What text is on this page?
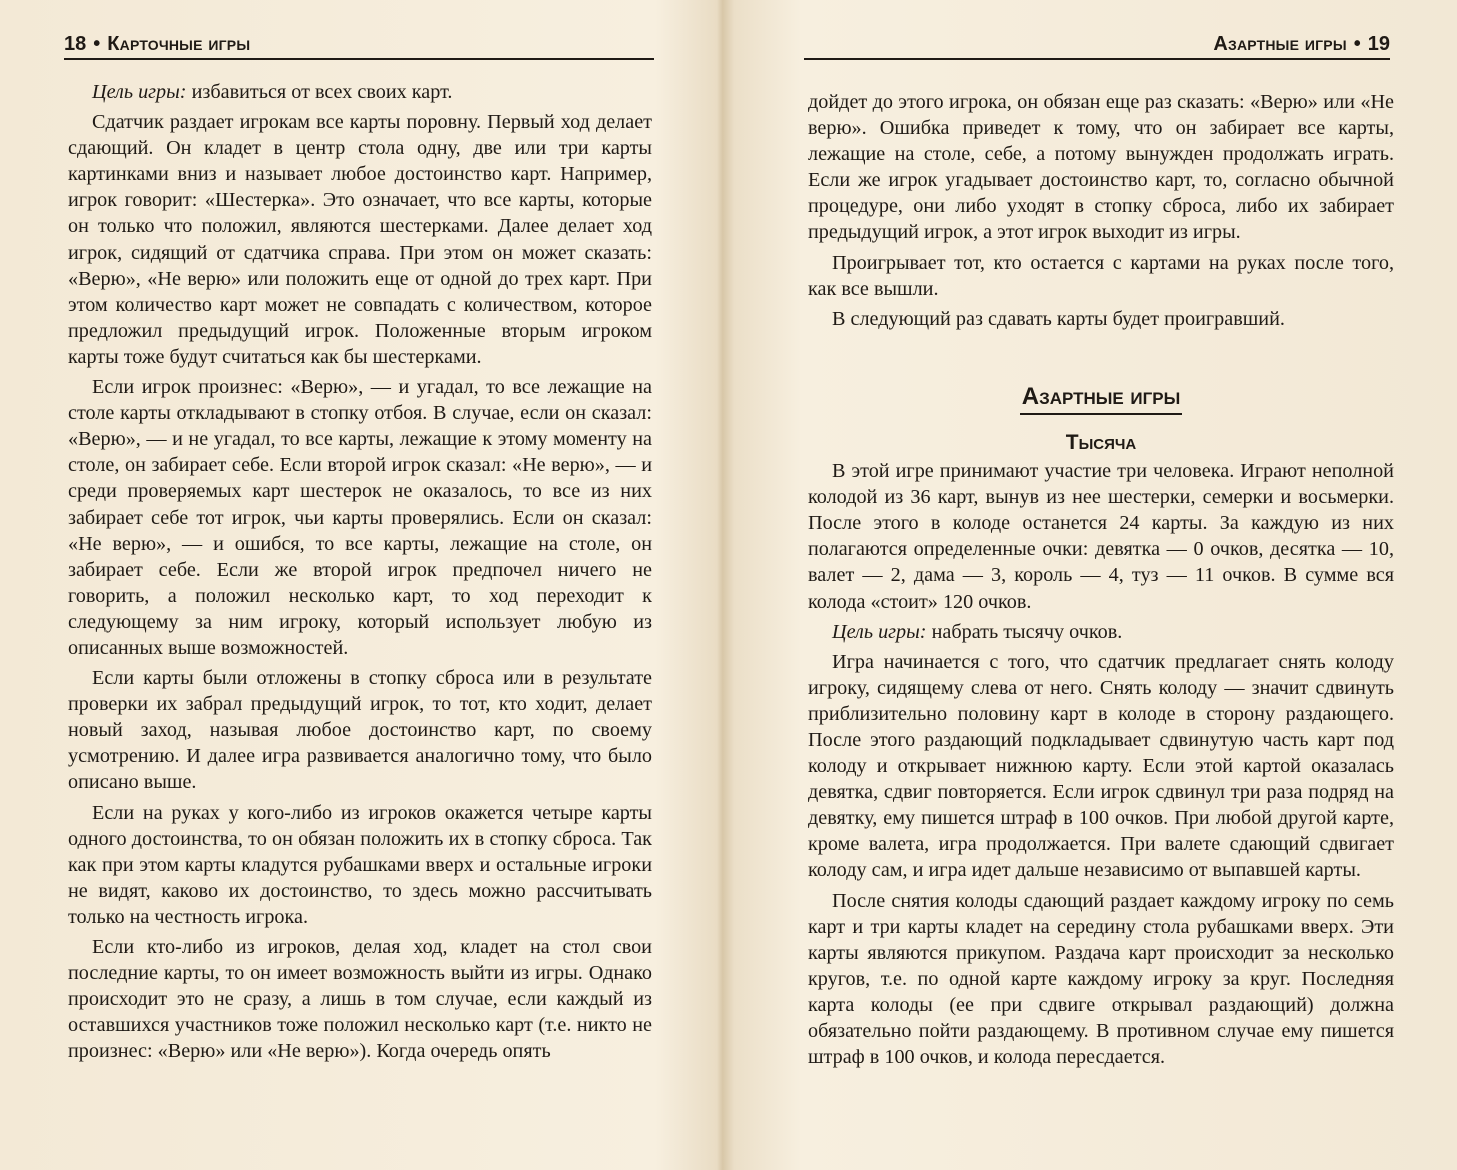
18 • Карточные игры

Цель игры: избавиться от всех своих карт.

Сдатчик раздает игрокам все карты поровну. Первый ход делает сдающий. Он кладет в центр стола одну, две или три карты картинками вниз и называет любое достоинство карт. Например, игрок говорит: «Шестерка». Это означает, что все карты, которые он только что положил, являются шестерками. Далее делает ход игрок, сидящий от сдатчика справа. При этом он может сказать: «Верю», «Не верю» или положить еще от одной до трех карт. При этом количество карт может не совпадать с количеством, которое предложил предыдущий игрок. Положенные вторым игроком карты тоже будут считаться как бы шестерками.

Если игрок произнес: «Верю», — и угадал, то все лежащие на столе карты откладывают в стопку отбоя. В случае, если он сказал: «Верю», — и не угадал, то все карты, лежащие к этому моменту на столе, он забирает себе. Если второй игрок сказал: «Не верю», — и среди проверяемых карт шестерок не оказалось, то все из них забирает себе тот игрок, чьи карты проверялись. Если он сказал: «Не верю», — и ошибся, то все карты, лежащие на столе, он забирает себе. Если же второй игрок предпочел ничего не говорить, а положил несколько карт, то ход переходит к следующему за ним игроку, который использует любую из описанных выше возможностей.

Если карты были отложены в стопку сброса или в результате проверки их забрал предыдущий игрок, то тот, кто ходит, делает новый заход, называя любое достоинство карт, по своему усмотрению. И далее игра развивается аналогично тому, что было описано выше.

Если на руках у кого-либо из игроков окажется четыре карты одного достоинства, то он обязан положить их в стопку сброса. Так как при этом карты кладутся рубашками вверх и остальные игроки не видят, каково их достоинство, то здесь можно рассчитывать только на честность игрока.

Если кто-либо из игроков, делая ход, кладет на стол свои последние карты, то он имеет возможность выйти из игры. Однако происходит это не сразу, а лишь в том случае, если каждый из оставшихся участников тоже положил несколько карт (т.е. никто не произнес: «Верю» или «Не верю»). Когда очередь опять

Азартные игры • 19

дойдет до этого игрока, он обязан еще раз сказать: «Верю» или «Не верю». Ошибка приведет к тому, что он забирает все карты, лежащие на столе, себе, а потому вынужден продолжать играть. Если же игрок угадывает достоинство карт, то, согласно обычной процедуре, они либо уходят в стопку сброса, либо их забирает предыдущий игрок, а этот игрок выходит из игры.

Проигрывает тот, кто остается с картами на руках после того, как все вышли.

В следующий раз сдавать карты будет проигравший.

Азартные игры
Тысяча

В этой игре принимают участие три человека. Играют неполной колодой из 36 карт, вынув из нее шестерки, семерки и восьмерки. После этого в колоде останется 24 карты. За каждую из них полагаются определенные очки: девятка — 0 очков, десятка — 10, валет — 2, дама — 3, король — 4, туз — 11 очков. В сумме вся колода «стоит» 120 очков.

Цель игры: набрать тысячу очков.

Игра начинается с того, что сдатчик предлагает снять колоду игроку, сидящему слева от него. Снять колоду — значит сдвинуть приблизительно половину карт в колоде в сторону раздающего. После этого раздающий подкладывает сдвинутую часть карт под колоду и открывает нижнюю карту. Если этой картой оказалась девятка, сдвиг повторяется. Если игрок сдвинул три раза подряд на девятку, ему пишется штраф в 100 очков. При любой другой карте, кроме валета, игра продолжается. При валете сдающий сдвигает колоду сам, и игра идет дальше независимо от выпавшей карты.

После снятия колоды сдающий раздает каждому игроку по семь карт и три карты кладет на середину стола рубашками вверх. Эти карты являются прикупом. Раздача карт происходит за несколько кругов, т.е. по одной карте каждому игроку за круг. Последняя карта колоды (ее при сдвиге открывал раздающий) должна обязательно пойти раздающему. В противном случае ему пишется штраф в 100 очков, и колода пересдается.
